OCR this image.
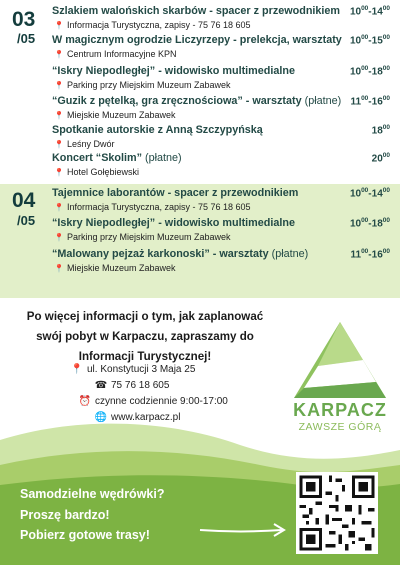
03
/05
Szlakiem walońskich skarbów - spacer z przewodnikiem
📍 Informacja Turystyczna, zapisy - 75 76 18 605
$10^{00}-14^{00}$
W magicznym ogrodzie Liczyrzepy - prelekcja, warsztaty
📍 Centrum Informacyjne KPN
$10^{00}-15^{00}$
“Iskry Niepodległej” - widowisko multimedialne
📍 Parking przy Miejskim Muzeum Zabawek
$10^{00}-18^{00}$
“Guzik z pętelką, gra zręcznościowa” - warsztaty (płatne)
📍 Miejskie Muzeum Zabawek
$11^{00}-16^{00}$
Spotkanie autorskie z Anną Szczypyńską
📍 Leśny Dwór
$18^{00}$
Koncert “Skolim” (płatne)
📍 Hotel Gołębiewski
$20^{00}$
04
/05
Tajemnice laborantów - spacer z przewodnikiem
📍 Informacja Turystyczna, zapisy - 75 76 18 605
$10^{00}-14^{00}$
“Iskry Niepodległej” - widowisko multimedialne
📍 Parking przy Miejskim Muzeum Zabawek
$10^{00}-18^{00}$
“Malowany pejzaż karkonoski” - warsztaty (płatne)
📍 Miejskie Muzeum Zabawek
$11^{00}-16^{00}$
Po więcej informacji o tym, jak zaplanować
swój pobyt w Karpaczu, zapraszamy do
Informacji Turystycznej!
📍 ul. Konstytucji 3 Maja 25
☎ 75 76 18 605
⏰ czynne codziennie 9:00-17:00
🌐 www.karpacz.pl	KARPACZ
ZAWSZE GÓRĄ
Samodzielne wędrówki?
Proszę bardzo!
Pobierz gotowe trasy!
